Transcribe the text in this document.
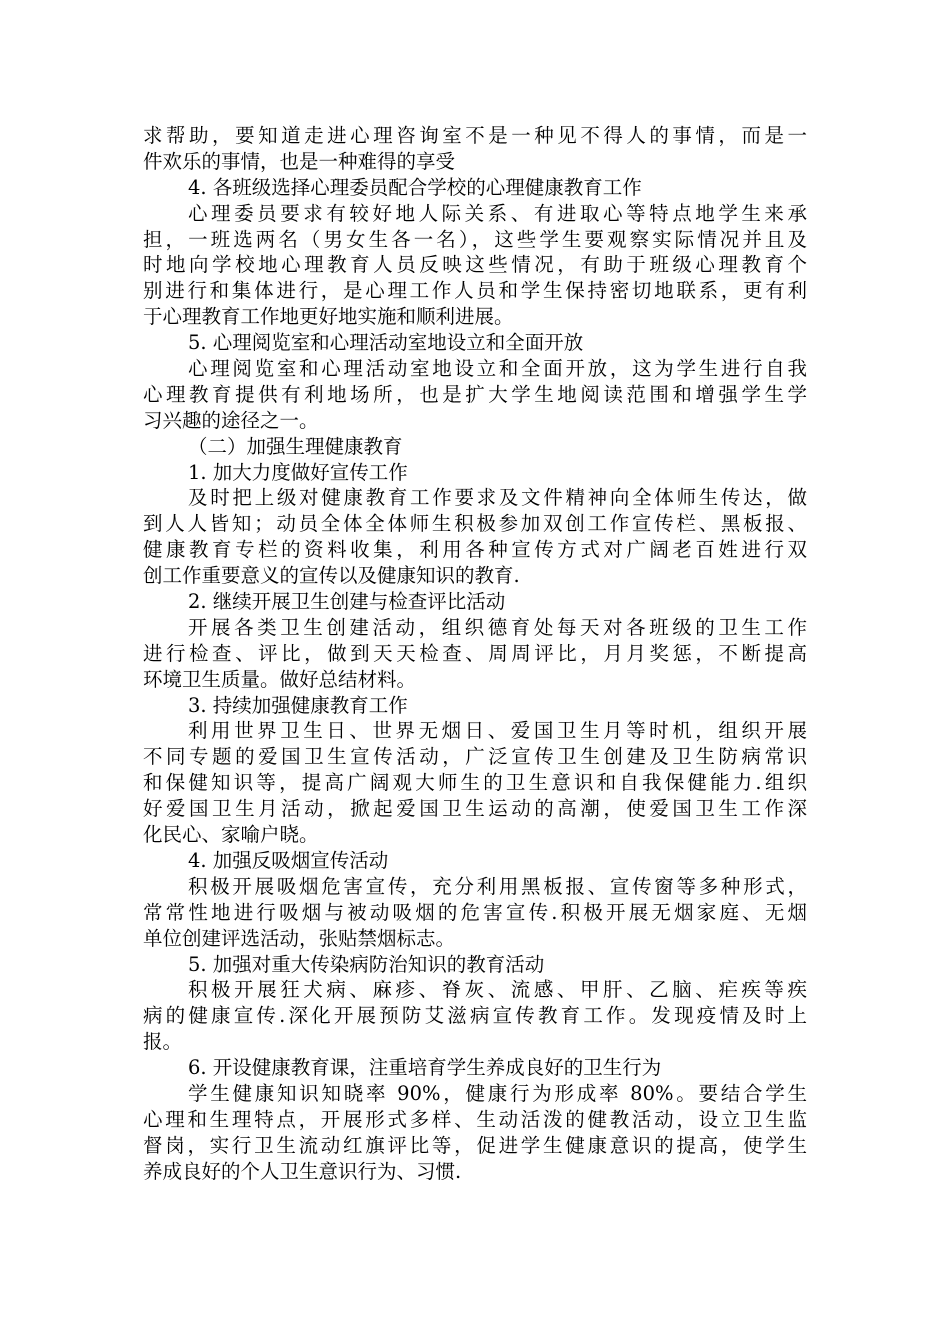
求帮助，要知道走进心理咨询室不是一种见不得人的事情，而是一
件欢乐的事情，也是一种难得的享受
4. 各班级选择心理委员配合学校的心理健康教育工作
心理委员要求有较好地人际关系、有进取心等特点地学生来承
担，一班选两名（男女生各一名），这些学生要观察实际情况并且及
时地向学校地心理教育人员反映这些情况，有助于班级心理教育个
别进行和集体进行，是心理工作人员和学生保持密切地联系，更有利
于心理教育工作地更好地实施和顺利进展。
5. 心理阅览室和心理活动室地设立和全面开放
心理阅览室和心理活动室地设立和全面开放，这为学生进行自我
心理教育提供有利地场所，也是扩大学生地阅读范围和增强学生学
习兴趣的途径之一。
（二）加强生理健康教育
1. 加大力度做好宣传工作
及时把上级对健康教育工作要求及文件精神向全体师生传达，做
到人人皆知；动员全体全体师生积极参加双创工作宣传栏、黑板报、
健康教育专栏的资料收集，利用各种宣传方式对广阔老百姓进行双
创工作重要意义的宣传以及健康知识的教育.
2. 继续开展卫生创建与检查评比活动
开展各类卫生创建活动，组织德育处每天对各班级的卫生工作
进行检查、评比，做到天天检查、周周评比，月月奖惩，不断提高
环境卫生质量。做好总结材料。
3. 持续加强健康教育工作
利用世界卫生日、世界无烟日、爱国卫生月等时机，组织开展
不同专题的爱国卫生宣传活动，广泛宣传卫生创建及卫生防病常识
和保健知识等，提高广阔观大师生的卫生意识和自我保健能力.组织
好爱国卫生月活动，掀起爱国卫生运动的高潮，使爱国卫生工作深
化民心、家喻户晓。
4. 加强反吸烟宣传活动
积极开展吸烟危害宣传，充分利用黑板报、宣传窗等多种形式，
常常性地进行吸烟与被动吸烟的危害宣传.积极开展无烟家庭、无烟
单位创建评选活动，张贴禁烟标志。
5. 加强对重大传染病防治知识的教育活动
积极开展狂犬病、麻疹、脊灰、流感、甲肝、乙脑、疟疾等疾
病的健康宣传.深化开展预防艾滋病宣传教育工作。发现疫情及时上
报。
6. 开设健康教育课，注重培育学生养成良好的卫生行为
学生健康知识知晓率 90%，健康行为形成率 80%。要结合学生
心理和生理特点，开展形式多样、生动活泼的健教活动，设立卫生监
督岗，实行卫生流动红旗评比等，促进学生健康意识的提高，使学生
养成良好的个人卫生意识行为、习惯.
